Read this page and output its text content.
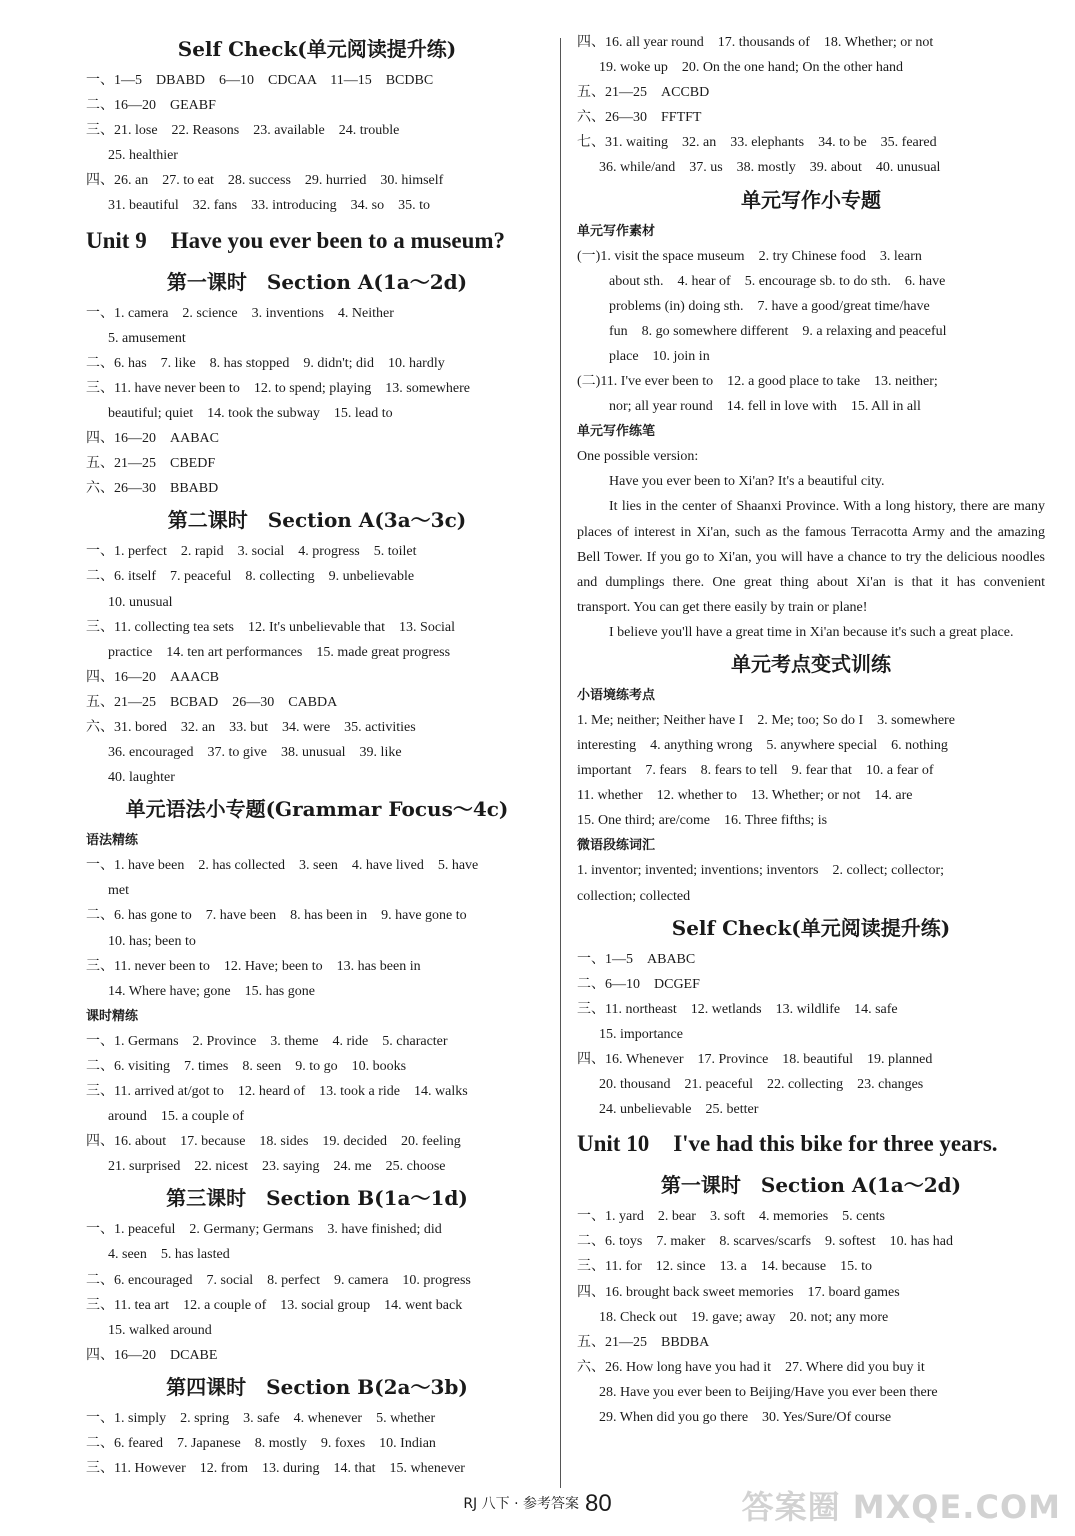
Self Check(单元阅读提升练)
一、1—5　DBABD　6—10　CDCAA　11—15　BCDBC
二、16—20　GEABF
三、21. lose　22. Reasons　23. available　24. trouble
25. healthier
四、26. an　27. to eat　28. success　29. hurried　30. himself
31. beautiful　32. fans　33. introducing　34. so　35. to
Unit 9 Have you ever been to a museum?
第一课时　Section A(1a～2d)
一、1. camera　2. science　3. inventions　4. Neither
5. amusement
二、6. has　7. like　8. has stopped　9. didn't; did　10. hardly
三、11. have never been to　12. to spend; playing　13. somewhere
beautiful; quiet　14. took the subway　15. lead to
四、16—20　AABAC
五、21—25　CBEDF
六、26—30　BBABD
第二课时　Section A(3a～3c)
一、1. perfect　2. rapid　3. social　4. progress　5. toilet
二、6. itself　7. peaceful　8. collecting　9. unbelievable
10. unusual
三、11. collecting tea sets　12. It's unbelievable that　13. Social
practice　14. ten art performances　15. made great progress
四、16—20　AAACB
五、21—25　BCBAD　26—30　CABDA
六、31. bored　32. an　33. but　34. were　35. activities
36. encouraged　37. to give　38. unusual　39. like
40. laughter
单元语法小专题(Grammar Focus～4c)
语法精练
一、1. have been　2. has collected　3. seen　4. have lived　5. have
met
二、6. has gone to　7. have been　8. has been in　9. have gone to
10. has; been to
三、11. never been to　12. Have; been to　13. has been in
14. Where have; gone　15. has gone
课时精练
一、1. Germans　2. Province　3. theme　4. ride　5. character
二、6. visiting　7. times　8. seen　9. to go　10. books
三、11. arrived at/got to　12. heard of　13. took a ride　14. walks
around　15. a couple of
四、16. about　17. because　18. sides　19. decided　20. feeling
21. surprised　22. nicest　23. saying　24. me　25. choose
第三课时　Section B(1a～1d)
一、1. peaceful　2. Germany; Germans　3. have finished; did
4. seen　5. has lasted
二、6. encouraged　7. social　8. perfect　9. camera　10. progress
三、11. tea art　12. a couple of　13. social group　14. went back
15. walked around
四、16—20　DCABE
第四课时　Section B(2a～3b)
一、1. simply　2. spring　3. safe　4. whenever　5. whether
二、6. feared　7. Japanese　8. mostly　9. foxes　10. Indian
三、11. However　12. from　13. during　14. that　15. whenever
四、16. all year round　17. thousands of　18. Whether; or not
19. woke up　20. On the one hand; On the other hand
五、21—25　ACCBD
六、26—30　FFTFT
七、31. waiting　32. an　33. elephants　34. to be　35. feared
36. while/and　37. us　38. mostly　39. about　40. unusual
单元写作小专题
单元写作素材
(一)1. visit the space museum　2. try Chinese food　3. learn
about sth.　4. hear of　5. encourage sb. to do sth.　6. have
problems (in) doing sth.　7. have a good/great time/have
fun　8. go somewhere different　9. a relaxing and peaceful
place　10. join in
(二)11. I've ever been to　12. a good place to take　13. neither;
nor; all year round　14. fell in love with　15. All in all
单元写作练笔
One possible version:
Have you ever been to Xi'an? It's a beautiful city.
It lies in the center of Shaanxi Province. With a long history, there are many places of interest in Xi'an, such as the famous Terracotta Army and the amazing Bell Tower. If you go to Xi'an, you will have a chance to try the delicious noodles and dumplings there. One great thing about Xi'an is that it has convenient transport. You can get there easily by train or plane!
I believe you'll have a great time in Xi'an because it's such a great place.
单元考点变式训练
小语境练考点
1. Me; neither; Neither have I　2. Me; too; So do I　3. somewhere
interesting　4. anything wrong　5. anywhere special　6. nothing
important　7. fears　8. fears to tell　9. fear that　10. a fear of
11. whether　12. whether to　13. Whether; or not　14. are
15. One third; are/come　16. Three fifths; is
微语段练词汇
1. inventor; invented; inventions; inventors　2. collect; collector;
collection; collected
Self Check(单元阅读提升练)
一、1—5　ABABC
二、6—10　DCGEF
三、11. northeast　12. wetlands　13. wildlife　14. safe
15. importance
四、16. Whenever　17. Province　18. beautiful　19. planned
20. thousand　21. peaceful　22. collecting　23. changes
24. unbelievable　25. better
Unit 10 I've had this bike for three years.
第一课时　Section A(1a～2d)
一、1. yard　2. bear　3. soft　4. memories　5. cents
二、6. toys　7. maker　8. scarves/scarfs　9. softest　10. has had
三、11. for　12. since　13. a　14. because　15. to
四、16. brought back sweet memories　17. board games
18. Check out　19. gave; away　20. not; any more
五、21—25　BBDBA
六、26. How long have you had it　27. Where did you buy it
28. Have you ever been to Beijing/Have you ever been there
29. When did you go there　30. Yes/Sure/Of course
RJ 八下 · 参考答案 80	答案圈 MXQE.COM
